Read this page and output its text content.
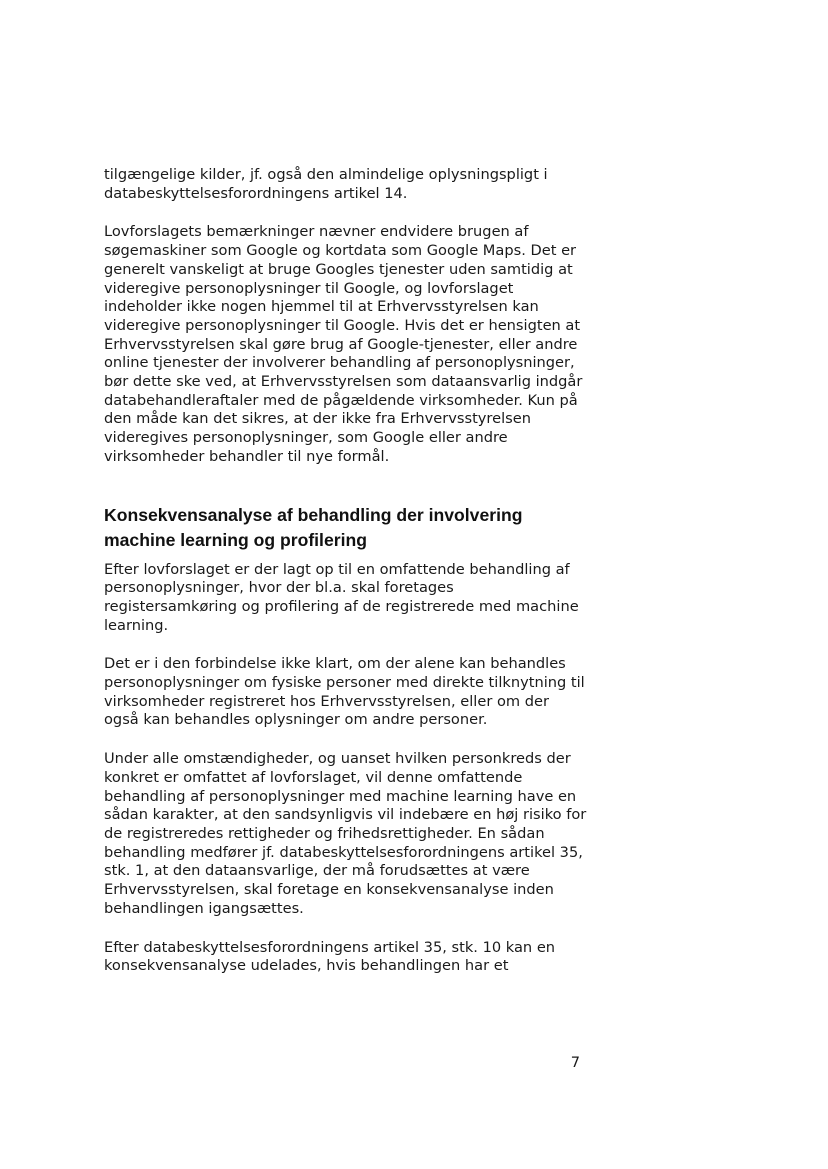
tilgængelige kilder, jf. også den almindelige oplysningspligt i databeskyttelsesforordningens artikel 14.

Lovforslagets bemærkninger nævner endvidere brugen af søgemaskiner som Google og kortdata som Google Maps. Det er generelt vanskeligt at bruge Googles tjenester uden samtidig at videregive personoplysninger til Google, og lovforslaget indeholder ikke nogen hjemmel til at Erhvervsstyrelsen kan videregive personoplysninger til Google. Hvis det er hensigten at Erhvervsstyrelsen skal gøre brug af Google-tjenester, eller andre online tjenester der involverer behandling af personoplysninger, bør dette ske ved, at Erhvervsstyrelsen som dataansvarlig indgår databehandleraftaler med de pågældende virksomheder. Kun på den måde kan det sikres, at der ikke fra Erhvervsstyrelsen videregives personoplysninger, som Google eller andre virksomheder behandler til nye formål.

Konsekvensanalyse af behandling der involvering machine learning og profilering

Efter lovforslaget er der lagt op til en omfattende behandling af personoplysninger, hvor der bl.a. skal foretages registersamkøring og profilering af de registrerede med machine learning.

Det er i den forbindelse ikke klart, om der alene kan behandles personoplysninger om fysiske personer med direkte tilknytning til virksomheder registreret hos Erhvervsstyrelsen, eller om der også kan behandles oplysninger om andre personer.

Under alle omstændigheder, og uanset hvilken personkreds der konkret er omfattet af lovforslaget, vil denne omfattende behandling af personoplysninger med machine learning have en sådan karakter, at den sandsynligvis vil indebære en høj risiko for de registreredes rettigheder og frihedsrettigheder. En sådan behandling medfører jf. databeskyttelsesforordningens artikel 35, stk. 1, at den dataansvarlige, der må forudsættes at være Erhvervsstyrelsen, skal foretage en konsekvensanalyse inden behandlingen igangsættes.

Efter databeskyttelsesforordningens artikel 35, stk. 10 kan en konsekvensanalyse udelades, hvis behandlingen har et

7
